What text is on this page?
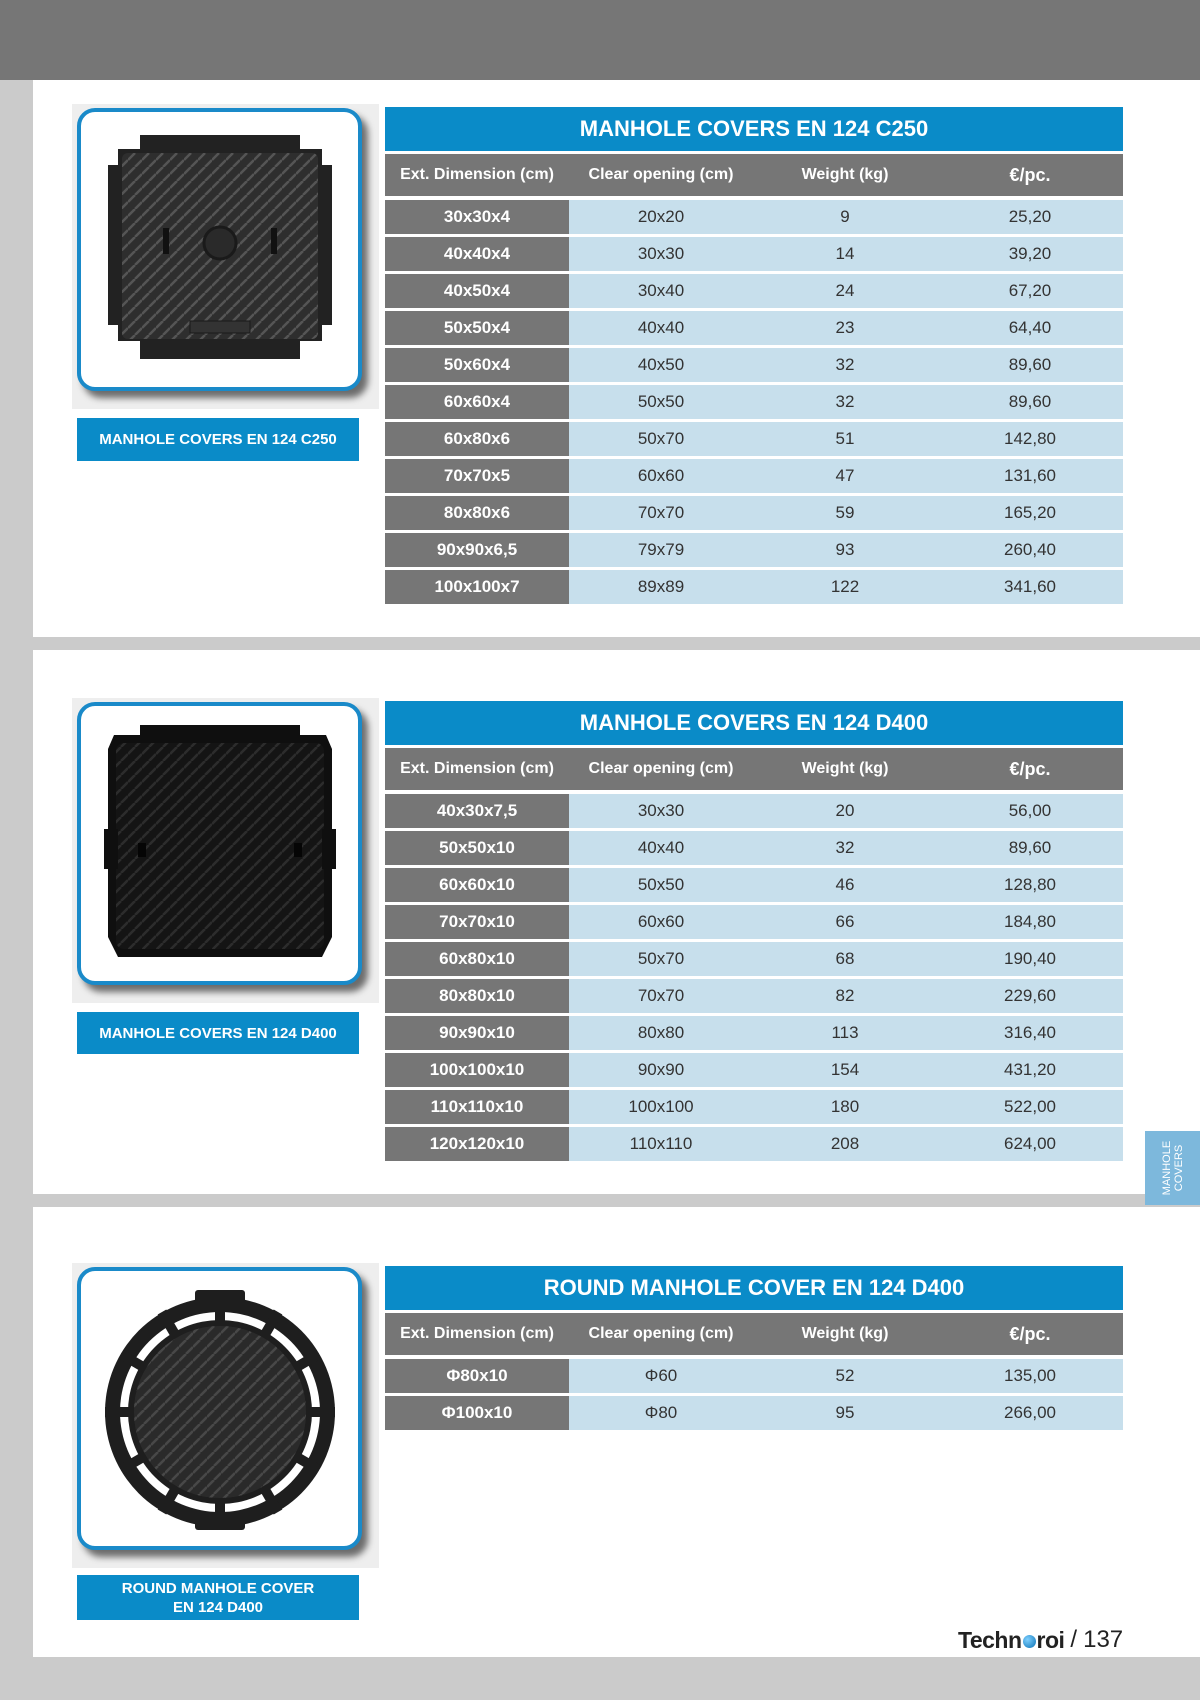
MANHOLE COVERS EN 124 C250
MANHOLE COVERS EN 124 C250
Ext. Dimension (cm)	Clear opening (cm)	Weight (kg)	€/pc.
30x30x4	20x20	9	25,20
40x40x4	30x30	14	39,20
40x50x4	30x40	24	67,20
50x50x4	40x40	23	64,40
50x60x4	40x50	32	89,60
60x60x4	50x50	32	89,60
60x80x6	50x70	51	142,80
70x70x5	60x60	47	131,60
80x80x6	70x70	59	165,20
90x90x6,5	79x79	93	260,40
100x100x7	89x89	122	341,60
MANHOLE COVERS EN 124 D400
MANHOLE COVERS EN 124 D400
Ext. Dimension (cm)	Clear opening (cm)	Weight (kg)	€/pc.
40x30x7,5	30x30	20	56,00
50x50x10	40x40	32	89,60
60x60x10	50x50	46	128,80
70x70x10	60x60	66	184,80
60x80x10	50x70	68	190,40
80x80x10	70x70	82	229,60
90x90x10	80x80	113	316,40
100x100x10	90x90	154	431,20
110x110x10	100x100	180	522,00
120x120x10	110x110	208	624,00
ROUND MANHOLE COVER
EN 124 D400
ROUND MANHOLE COVER EN 124 D400
Ext. Dimension (cm)	Clear opening (cm)	Weight (kg)	€/pc.
Φ80x10	Φ60	52	135,00
Φ100x10	Φ80	95	266,00
MANHOLE COVERS
Techn roi / 137
